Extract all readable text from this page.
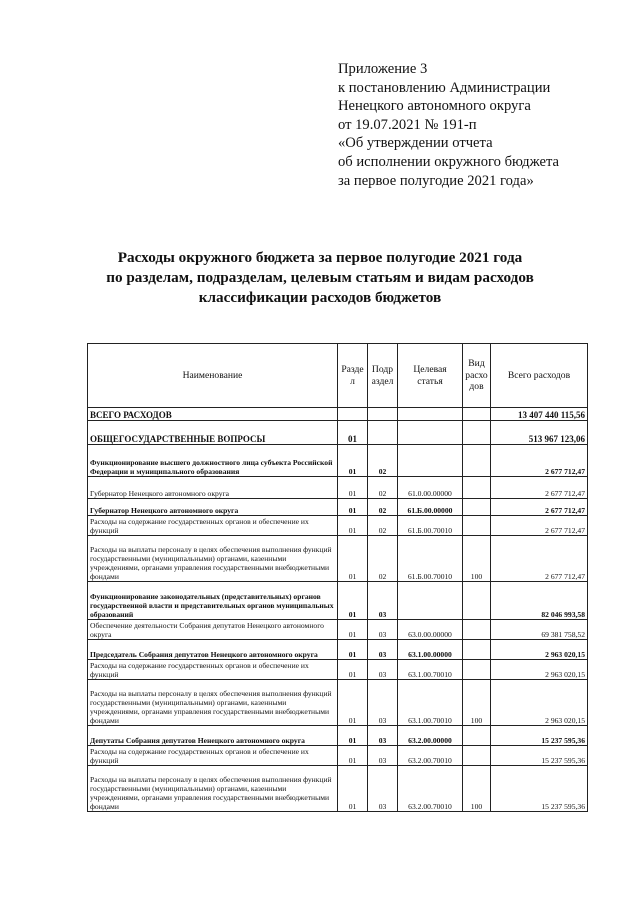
Приложение 3
к постановлению Администрации
Ненецкого автономного округа
от 19.07.2021 № 191-п
«Об утверждении отчета
об исполнении окружного бюджета
за первое полугодие 2021 года»
Расходы окружного бюджета за первое полугодие 2021 года
по разделам, подразделам, целевым статьям и видам расходов
классификации расходов бюджетов
Наименование	Разде л	Подр аздел	Целевая статья	Вид расхо дов	Всего расходов
ВСЕГО РАСХОДОВ					13 407 440 115,56
ОБЩЕГОСУДАРСТВЕННЫЕ ВОПРОСЫ	01				513 967 123,06
Функционирование высшего должностного лица субъекта Российской Федерации и муниципального образования	01	02			2 677 712,47
Губернатор Ненецкого автономного округа	01	02	61.0.00.00000		2 677 712,47
Губернатор Ненецкого автономного округа	01	02	61.Б.00.00000		2 677 712,47
Расходы на содержание государственных органов и обеспечение их функций	01	02	61.Б.00.70010		2 677 712,47
Расходы на выплаты персоналу в целях обеспечения выполнения функций государственными (муниципальными) органами, казенными учреждениями, органами управления государственными внебюджетными фондами	01	02	61.Б.00.70010	100	2 677 712,47
Функционирование законодательных (представительных) органов государственной власти и представительных органов муниципальных образований	01	03			82 046 993,58
Обеспечение деятельности Собрания депутатов Ненецкого автономного округа	01	03	63.0.00.00000		69 381 758,52
Председатель Собрания депутатов Ненецкого автономного округа	01	03	63.1.00.00000		2 963 020,15
Расходы на содержание государственных органов и обеспечение их функций	01	03	63.1.00.70010		2 963 020,15
Расходы на выплаты персоналу в целях обеспечения выполнения функций государственными (муниципальными) органами, казенными учреждениями, органами управления государственными внебюджетными фондами	01	03	63.1.00.70010	100	2 963 020,15
Депутаты Собрания депутатов Ненецкого автономного округа	01	03	63.2.00.00000		15 237 595,36
Расходы на содержание государственных органов и обеспечение их функций	01	03	63.2.00.70010		15 237 595,36
Расходы на выплаты персоналу в целях обеспечения выполнения функций государственными (муниципальными) органами, казенными учреждениями, органами управления государственными внебюджетными фондами	01	03	63.2.00.70010	100	15 237 595,36
